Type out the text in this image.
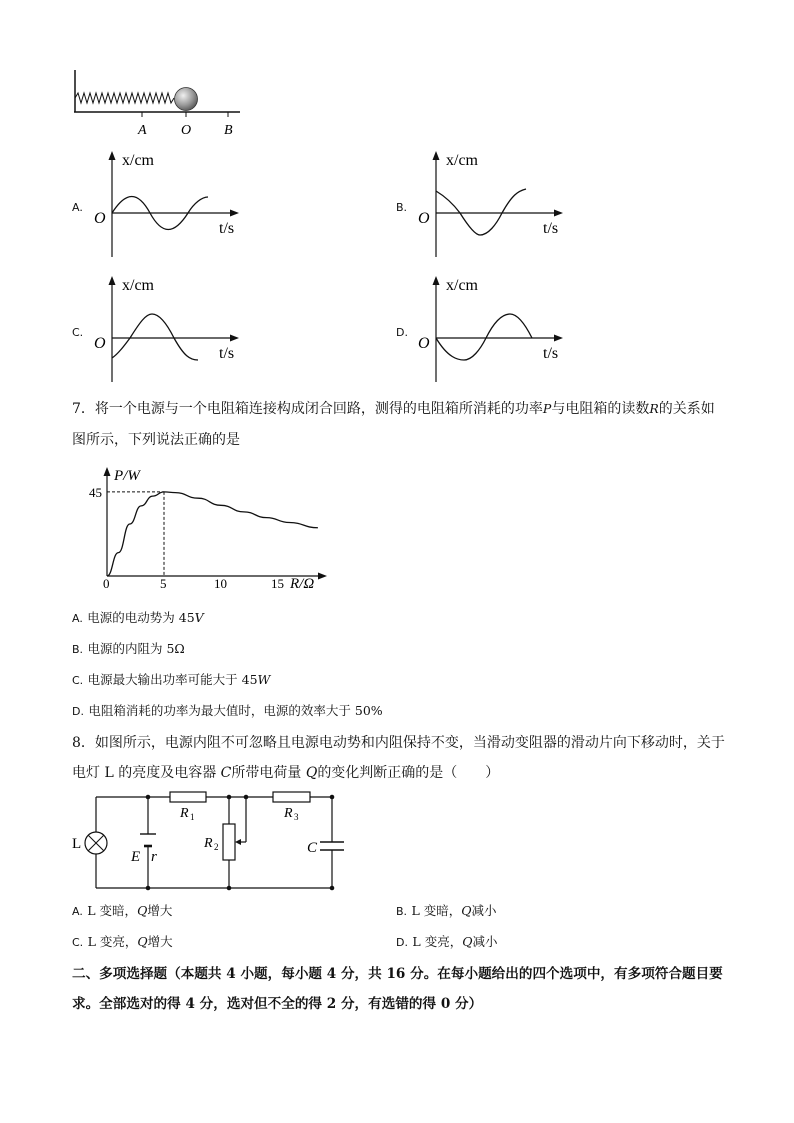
A O B
A.
x/cm
t/s
O
B.
x/cm
t/s
O
C.
x/cm
t/s
O
D.
x/cm
t/s
O
7．将一个电源与一个电阻箱连接构成闭合回路，测得的电阻箱所消耗的功率P与电阻箱的读数R的关系如
图所示，下列说法正确的是
0	5	10	15
45
P/W
R/Ω
A. 电源的电动势为 45V
B. 电源的内阻为 5Ω
C. 电源最大输出功率可能大于 45W
D. 电阻箱消耗的功率为最大值时，电源的效率大于 50%
8．如图所示，电源内阻不可忽略且电源电动势和内阻保持不变，当滑动变阻器的滑动片向下移动时，关于
电灯 L 的亮度及电容器 C所带电荷量 Q的变化判断正确的是（　　）
L
E r
R 1
R 2
R 3
C
A. L 变暗，Q增大	B. L 变暗，Q减小
C. L 变亮，Q增大	D. L 变亮，Q减小
二、多项选择题（本题共 4 小题，每小题 4 分，共 16 分。在每小题给出的四个选项中，有多项符合题目要
求。全部选对的得 4 分，选对但不全的得 2 分，有选错的得 0 分）
